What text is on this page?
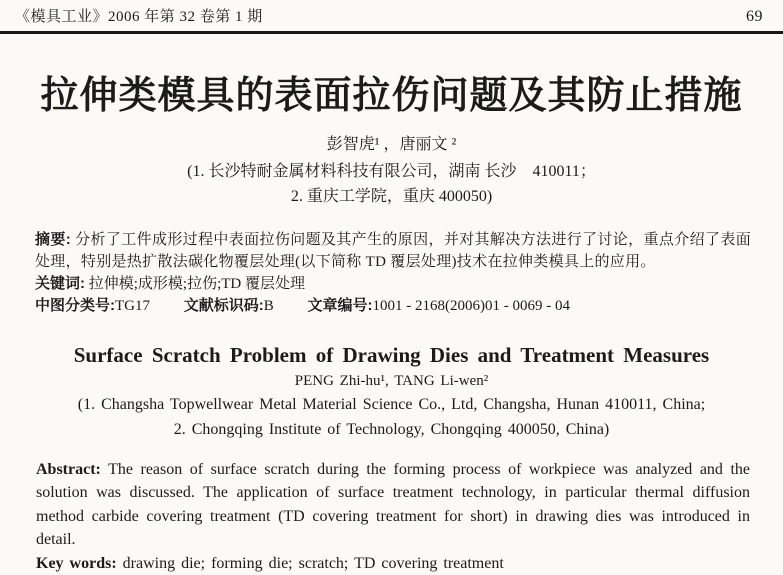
《模具工业》2006 年第 32 卷第 1 期	69
拉伸类模具的表面拉伤问题及其防止措施
彭智虎¹ ，唐丽文 ²
(1. 长沙特耐金属材料科技有限公司，湖南 长沙　410011；
2. 重庆工学院，重庆 400050)
摘要: 分析了工件成形过程中表面拉伤问题及其产生的原因，并对其解决方法进行了讨论，重点介绍了表面处理，特别是热扩散法碳化物覆层处理(以下简称 TD 覆层处理)技术在拉伸类模具上的应用。
关键词: 拉伸模;成形模;拉伤;TD 覆层处理
中图分类号:TG17 文献标识码:B 文章编号:1001 - 2168(2006)01 - 0069 - 04
Surface Scratch Problem of Drawing Dies and Treatment Measures
PENG Zhi-hu¹, TANG Li-wen²
(1. Changsha Topwellwear Metal Material Science Co., Ltd, Changsha, Hunan 410011, China;
2. Chongqing Institute of Technology, Chongqing 400050, China)
Abstract: The reason of surface scratch during the forming process of workpiece was analyzed and the solution was discussed. The application of surface treatment technology, in particular thermal diffusion method carbide covering treatment (TD covering treatment for short) in drawing dies was introduced in detail.
Key words: drawing die; forming die; scratch; TD covering treatment
